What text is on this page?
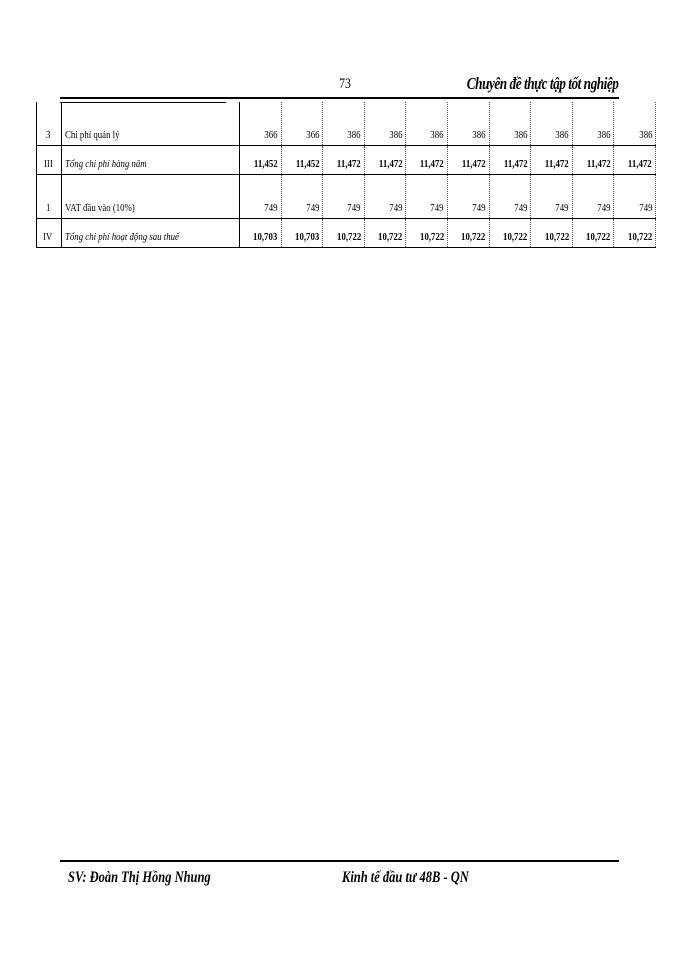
73	Chuyên đề thực tập tốt nghiệp
3	Chi phí quản lý	366	366	386	386	386	386	386	386	386	386
III	Tổng chi phí hàng năm	11,452	11,452	11,472	11,472	11,472	11,472	11,472	11,472	11,472	11,472
1	VAT đầu vào (10%)	749	749	749	749	749	749	749	749	749	749
IV	Tổng chi phí hoạt động sau thuế	10,703	10,703	10,722	10,722	10,722	10,722	10,722	10,722	10,722	10,722
SV: Đoàn Thị Hồng Nhung	Kinh tế đầu tư 48B - QN
